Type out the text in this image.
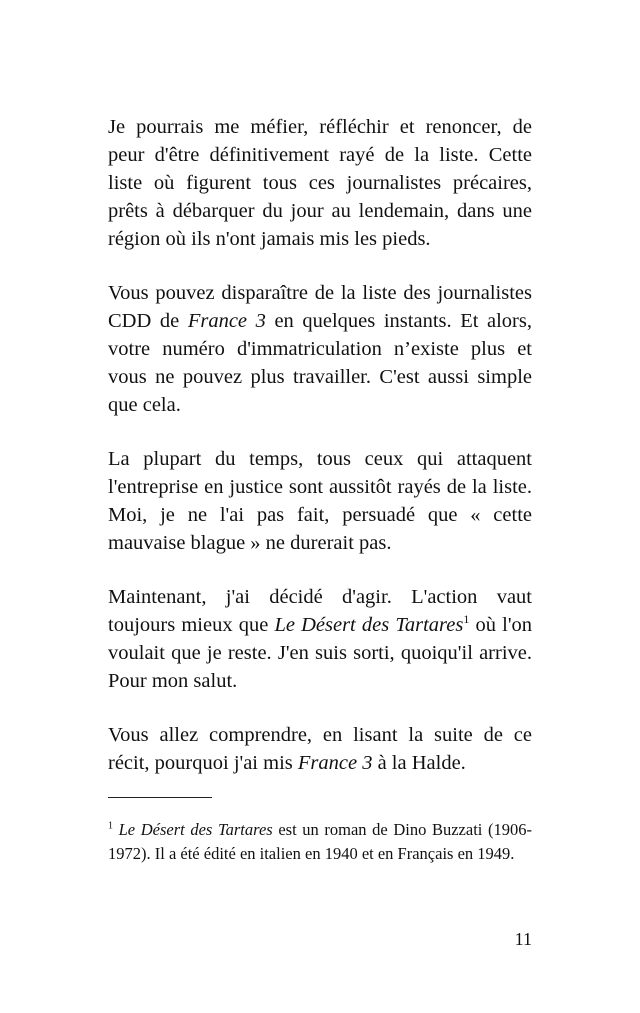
Je pourrais me méfier, réfléchir et renoncer, de peur d'être définitivement rayé de la liste. Cette liste où figurent tous ces journalistes précaires, prêts à débarquer du jour au lendemain, dans une région où ils n'ont jamais mis les pieds.

Vous pouvez disparaître de la liste des journalistes CDD de France 3 en quelques instants. Et alors, votre numéro d'immatriculation n’existe plus et vous ne pouvez plus travailler. C'est aussi simple que cela.

La plupart du temps, tous ceux qui attaquent l'entreprise en justice sont aussitôt rayés de la liste. Moi, je ne l'ai pas fait, persuadé que « cette mauvaise blague » ne durerait pas.

Maintenant, j'ai décidé d'agir. L'action vaut toujours mieux que Le Désert des Tartares$^1$ où l'on voulait que je reste. J'en suis sorti, quoiqu'il arrive. Pour mon salut.

Vous allez comprendre, en lisant la suite de ce récit, pourquoi j'ai mis France 3 à la Halde.

$^1$ Le Désert des Tartares est un roman de Dino Buzzati (1906-1972). Il a été édité en italien en 1940 et en Français en 1949.

11
